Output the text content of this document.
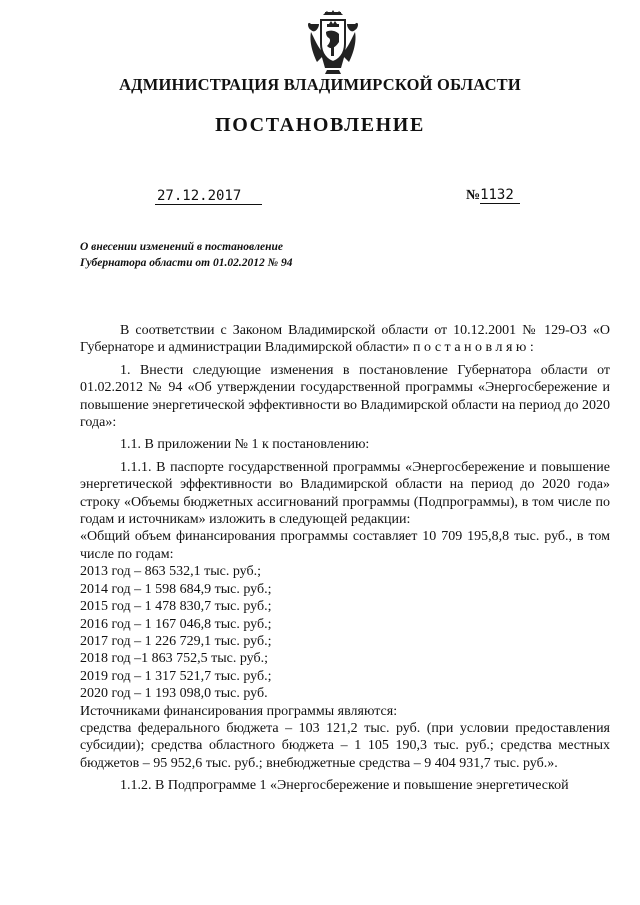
АДМИНИСТРАЦИЯ ВЛАДИМИРСКОЙ ОБЛАСТИ
ПОСТАНОВЛЕНИЕ
27.12.2017	№1132
О внесении изменений в постановление
Губернатора области от 01.02.2012 № 94

В соответствии с Законом Владимирской области от 10.12.2001 № 129-ОЗ «О Губернаторе и администрации Владимирской области» постановляю:

1. Внести следующие изменения в постановление Губернатора области от 01.02.2012 № 94 «Об утверждении государственной программы «Энергосбережение и повышение энергетической эффективности во Владимирской области на период до 2020 года»:

1.1. В приложении № 1 к постановлению:

1.1.1. В паспорте государственной программы «Энергосбережение и повышение энергетической эффективности во Владимирской области на период до 2020 года» строку «Объемы бюджетных ассигнований программы (Подпрограммы), в том числе по годам и источникам» изложить в следующей редакции:

«Общий объем финансирования программы составляет 10 709 195,8,8 тыс. руб., в том числе по годам:

2013 год – 863 532,1 тыс. руб.;

2014 год – 1 598 684,9 тыс. руб.;

2015 год – 1 478 830,7 тыс. руб.;

2016 год – 1 167 046,8 тыс. руб.;

2017 год – 1 226 729,1 тыс. руб.;

2018 год –1 863 752,5 тыс. руб.;

2019 год – 1 317 521,7 тыс. руб.;

2020 год – 1 193 098,0 тыс. руб.

Источниками финансирования программы являются:

средства федерального бюджета – 103 121,2 тыс. руб. (при условии предоставления субсидии); средства областного бюджета – 1 105 190,3 тыс. руб.; средства местных бюджетов – 95 952,6 тыс. руб.; внебюджетные средства – 9 404 931,7 тыс. руб.».

1.1.2. В Подпрограмме 1 «Энергосбережение и повышение энергетической
